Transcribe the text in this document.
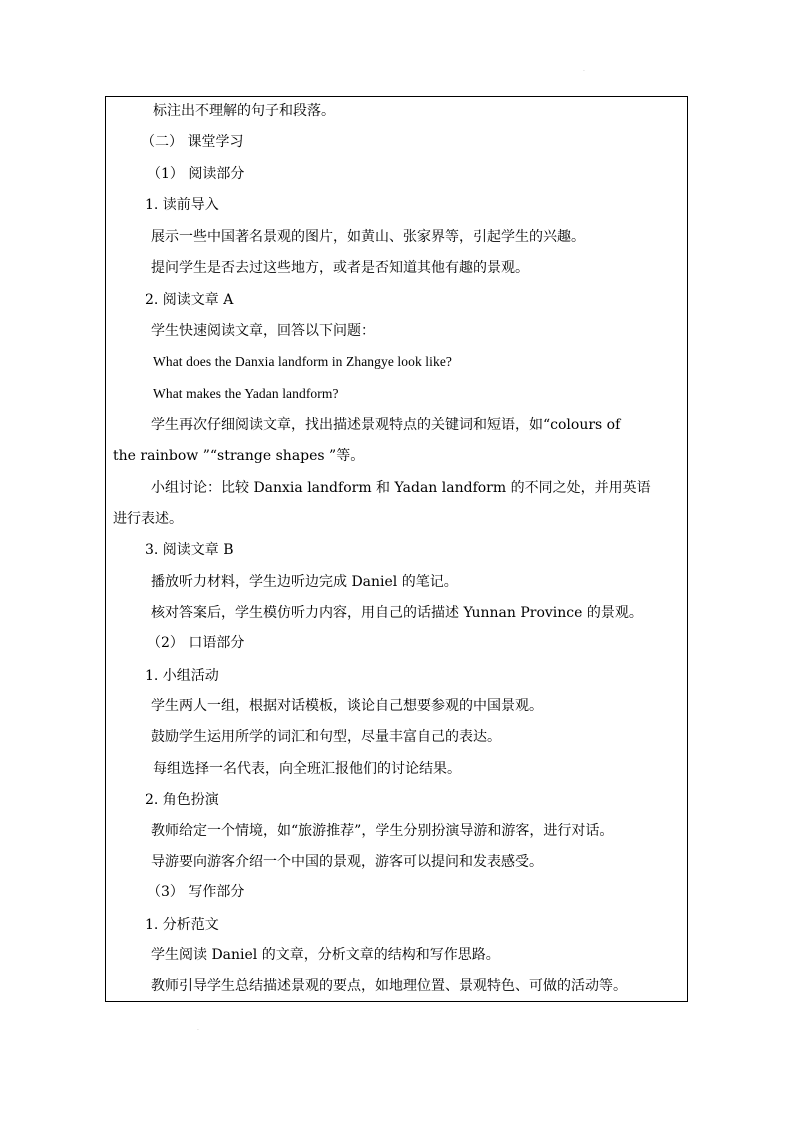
·
标注出不理解的句子和段落。
（二） 课堂学习
（1） 阅读部分
1. 读前导入
展示一些中国著名景观的图片，如黄山、张家界等，引起学生的兴趣。
提问学生是否去过这些地方，或者是否知道其他有趣的景观。
2. 阅读文章 A
学生快速阅读文章，回答以下问题：
What does the Danxia landform in Zhangye look like?
What makes the Yadan landform?
学生再次仔细阅读文章，找出描述景观特点的关键词和短语，如“colours of
the rainbow ”“strange shapes ”等。
小组讨论：比较 Danxia landform 和 Yadan landform 的不同之处，并用英语
进行表述。
3. 阅读文章 B
播放听力材料，学生边听边完成 Daniel 的笔记。
核对答案后，学生模仿听力内容，用自己的话描述 Yunnan Province 的景观。
（2） 口语部分
1. 小组活动
学生两人一组，根据对话模板，谈论自己想要参观的中国景观。
鼓励学生运用所学的词汇和句型，尽量丰富自己的表达。
每组选择一名代表，向全班汇报他们的讨论结果。
2. 角色扮演
教师给定一个情境，如“旅游推荐”，学生分别扮演导游和游客，进行对话。
导游要向游客介绍一个中国的景观，游客可以提问和发表感受。
（3） 写作部分
1. 分析范文
学生阅读 Daniel 的文章，分析文章的结构和写作思路。
教师引导学生总结描述景观的要点，如地理位置、景观特色、可做的活动等。
·
